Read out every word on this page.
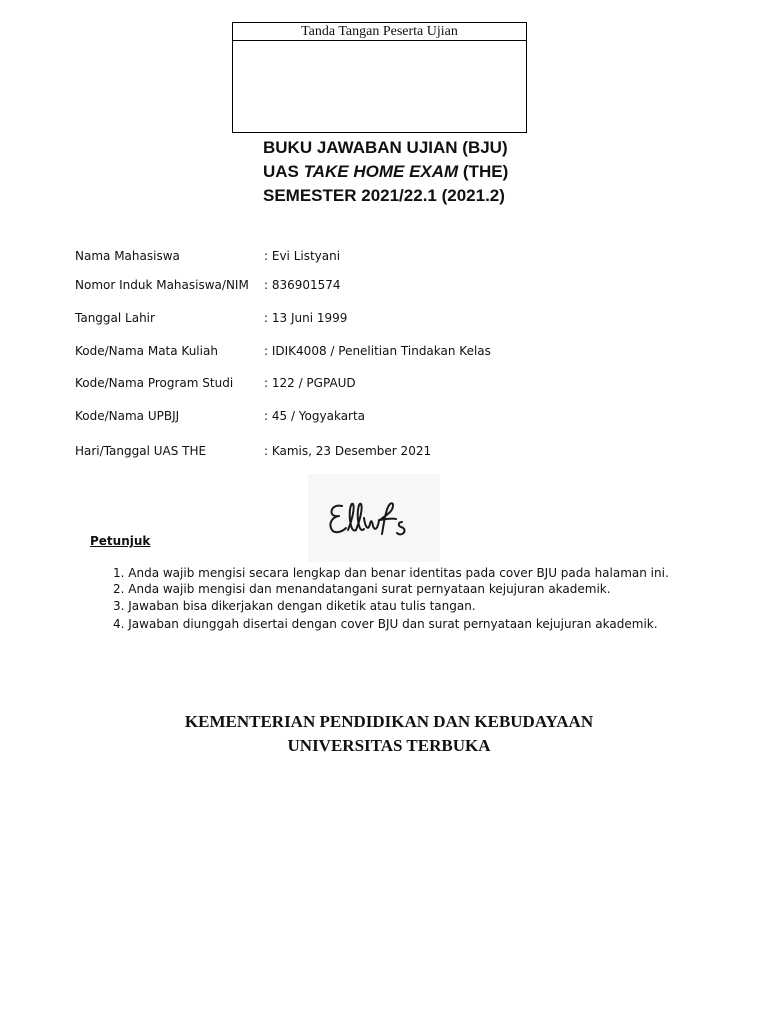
Tanda Tangan Peserta Ujian
BUKU JAWABAN UJIAN (BJU)
UAS TAKE HOME EXAM (THE)
SEMESTER 2021/22.1 (2021.2)
Nama Mahasiswa	: Evi Listyani
Nomor Induk Mahasiswa/NIM : 836901574
Tanggal Lahir	: 13 Juni 1999
Kode/Nama Mata Kuliah	: IDIK4008 / Penelitian Tindakan Kelas
Kode/Nama Program Studi	: 122 / PGPAUD
Kode/Nama UPBJJ	: 45 / Yogyakarta
Hari/Tanggal UAS THE	: Kamis, 23 Desember 2021
Petunjuk
1. Anda wajib mengisi secara lengkap dan benar identitas pada cover BJU pada halaman ini.
2. Anda wajib mengisi dan menandatangani surat pernyataan kejujuran akademik.
3. Jawaban bisa dikerjakan dengan diketik atau tulis tangan.
4. Jawaban diunggah disertai dengan cover BJU dan surat pernyataan kejujuran akademik.
KEMENTERIAN PENDIDIKAN DAN KEBUDAYAAN
UNIVERSITAS TERBUKA
